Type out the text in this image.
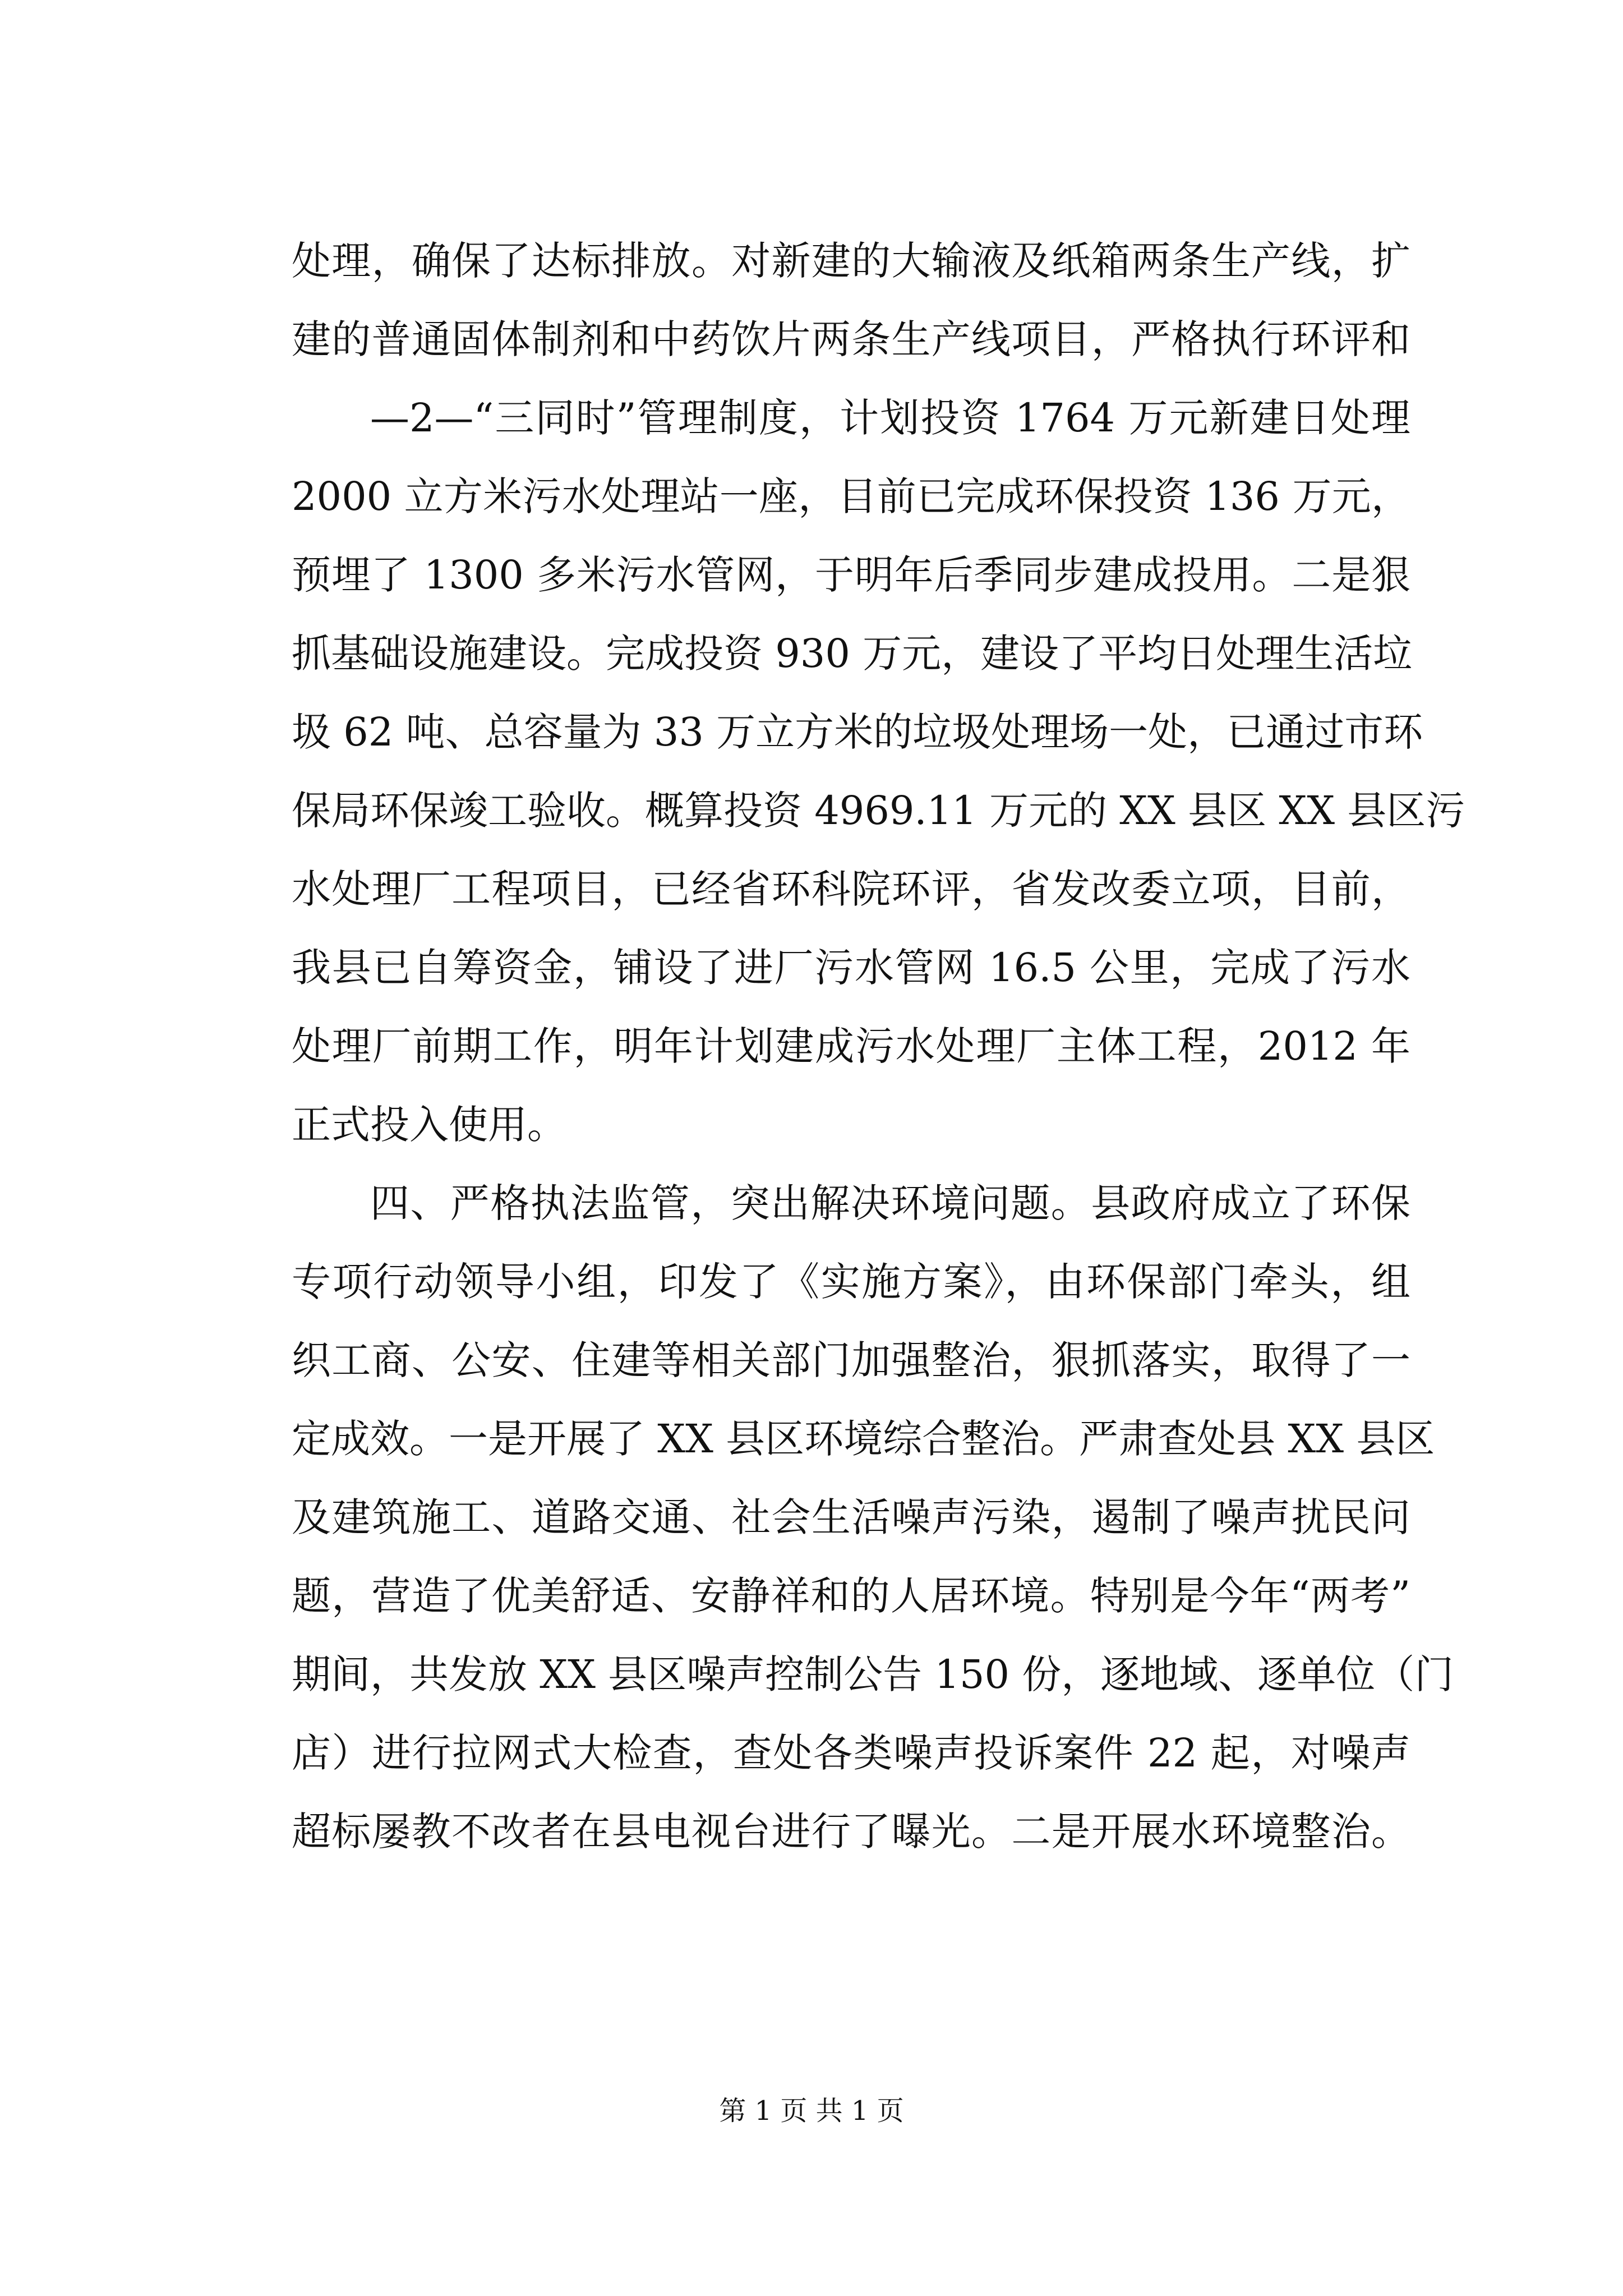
处理，确保了达标排放。对新建的大输液及纸箱两条生产线，扩
建的普通固体制剂和中药饮片两条生产线项目，严格执行环评和
—2—“三同时”管理制度，计划投资 1764 万元新建日处理
2000 立方米污水处理站一座，目前已完成环保投资 136 万元，
预埋了 1300 多米污水管网，于明年后季同步建成投用。二是狠
抓基础设施建设。完成投资 930 万元，建设了平均日处理生活垃
圾 62 吨、总容量为 33 万立方米的垃圾处理场一处，已通过市环
保局环保竣工验收。概算投资 4969.11 万元的 XX 县区 XX 县区污
水处理厂工程项目，已经省环科院环评，省发改委立项，目前，
我县已自筹资金，铺设了进厂污水管网 16.5 公里，完成了污水
处理厂前期工作，明年计划建成污水处理厂主体工程，2012 年
正式投入使用。
四、严格执法监管，突出解决环境问题。县政府成立了环保
专项行动领导小组，印发了《实施方案》，由环保部门牵头，组
织工商、公安、住建等相关部门加强整治，狠抓落实，取得了一
定成效。一是开展了 XX 县区环境综合整治。严肃查处县 XX 县区
及建筑施工、道路交通、社会生活噪声污染，遏制了噪声扰民问
题，营造了优美舒适、安静祥和的人居环境。特别是今年“两考”
期间，共发放 XX 县区噪声控制公告 150 份，逐地域、逐单位（门
店）进行拉网式大检查，查处各类噪声投诉案件 22 起，对噪声
超标屡教不改者在县电视台进行了曝光。二是开展水环境整治。
第 1 页 共 1 页
